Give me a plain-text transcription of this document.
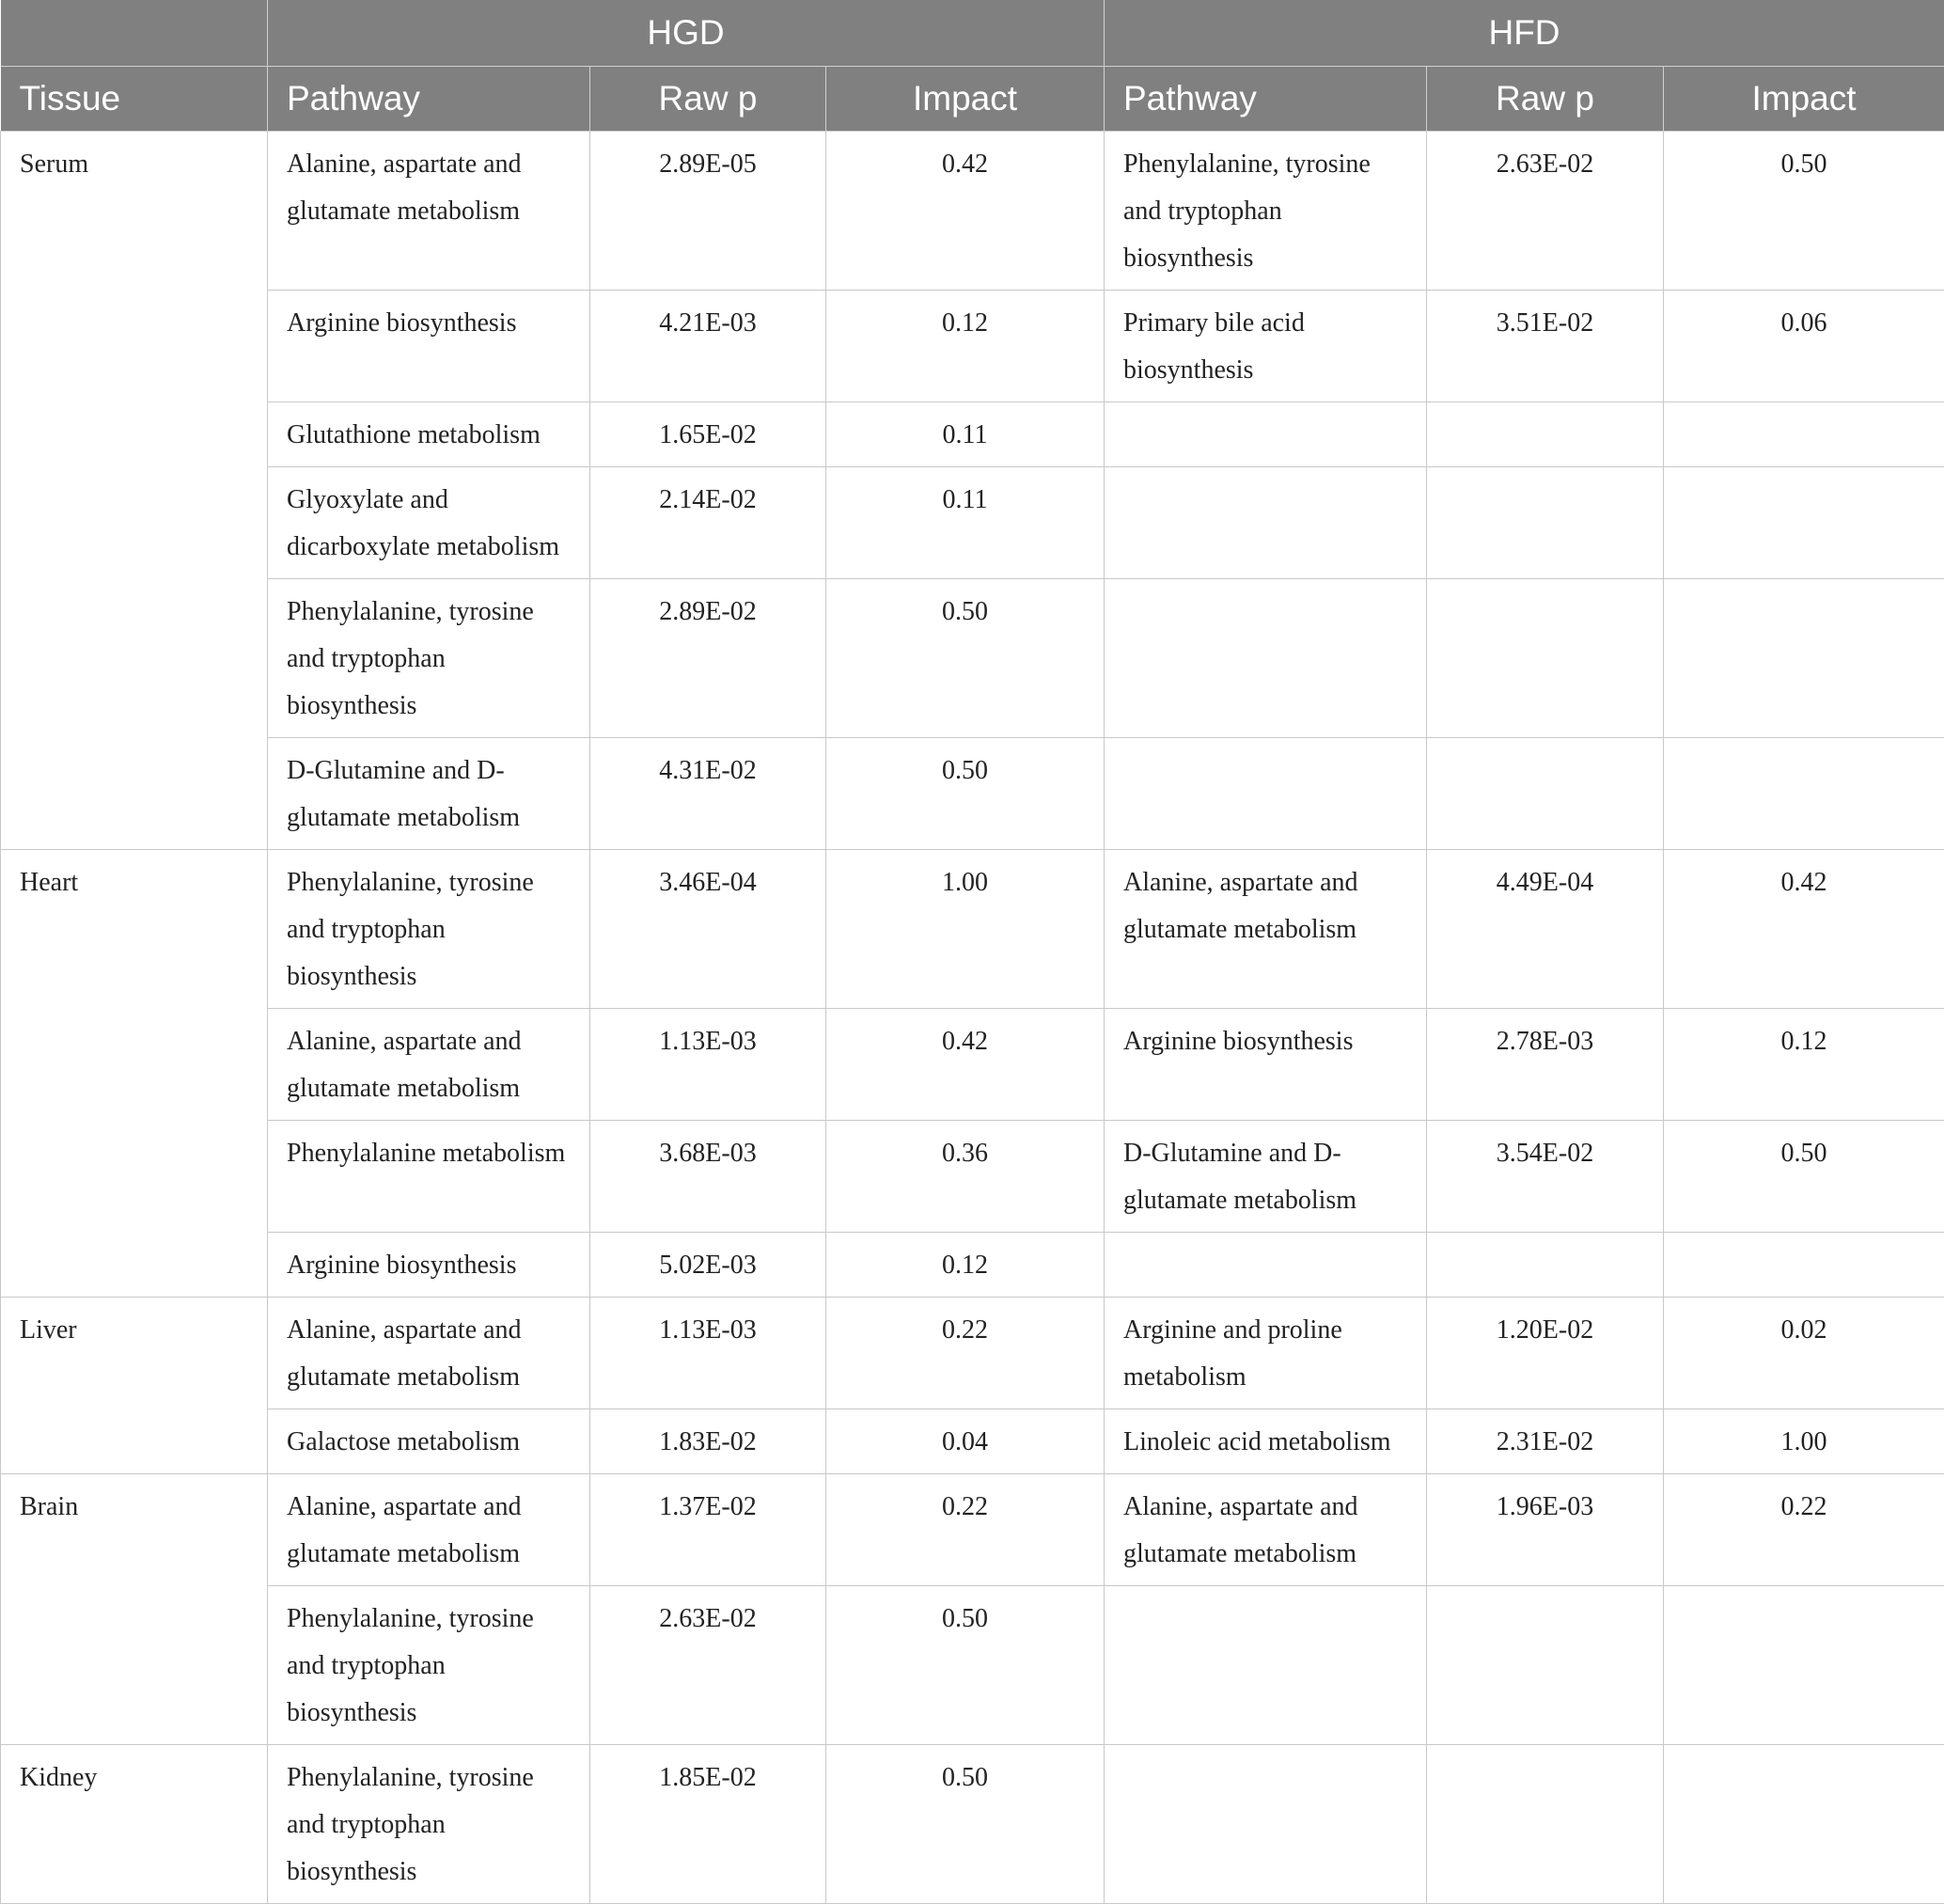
	HGD			HFD		
Tissue	Pathway	Raw p	Impact	Pathway	Raw p	Impact
Serum	Alanine, aspartate and glutamate metabolism	2.89E-05	0.42	Phenylalanine, tyrosine and tryptophan biosynthesis	2.63E-02	0.50
	Arginine biosynthesis	4.21E-03	0.12	Primary bile acid biosynthesis	3.51E-02	0.06
	Glutathione metabolism	1.65E-02	0.11			
	Glyoxylate and dicarboxylate metabolism	2.14E-02	0.11			
	Phenylalanine, tyrosine and tryptophan biosynthesis	2.89E-02	0.50			
	D-Glutamine and D-glutamate metabolism	4.31E-02	0.50			
Heart	Phenylalanine, tyrosine and tryptophan biosynthesis	3.46E-04	1.00	Alanine, aspartate and glutamate metabolism	4.49E-04	0.42
	Alanine, aspartate and glutamate metabolism	1.13E-03	0.42	Arginine biosynthesis	2.78E-03	0.12
	Phenylalanine metabolism	3.68E-03	0.36	D-Glutamine and D-glutamate metabolism	3.54E-02	0.50
	Arginine biosynthesis	5.02E-03	0.12			
Liver	Alanine, aspartate and glutamate metabolism	1.13E-03	0.22	Arginine and proline metabolism	1.20E-02	0.02
	Galactose metabolism	1.83E-02	0.04	Linoleic acid metabolism	2.31E-02	1.00
Brain	Alanine, aspartate and glutamate metabolism	1.37E-02	0.22	Alanine, aspartate and glutamate metabolism	1.96E-03	0.22
	Phenylalanine, tyrosine and tryptophan biosynthesis	2.63E-02	0.50			
Kidney	Phenylalanine, tyrosine and tryptophan biosynthesis	1.85E-02	0.50			
